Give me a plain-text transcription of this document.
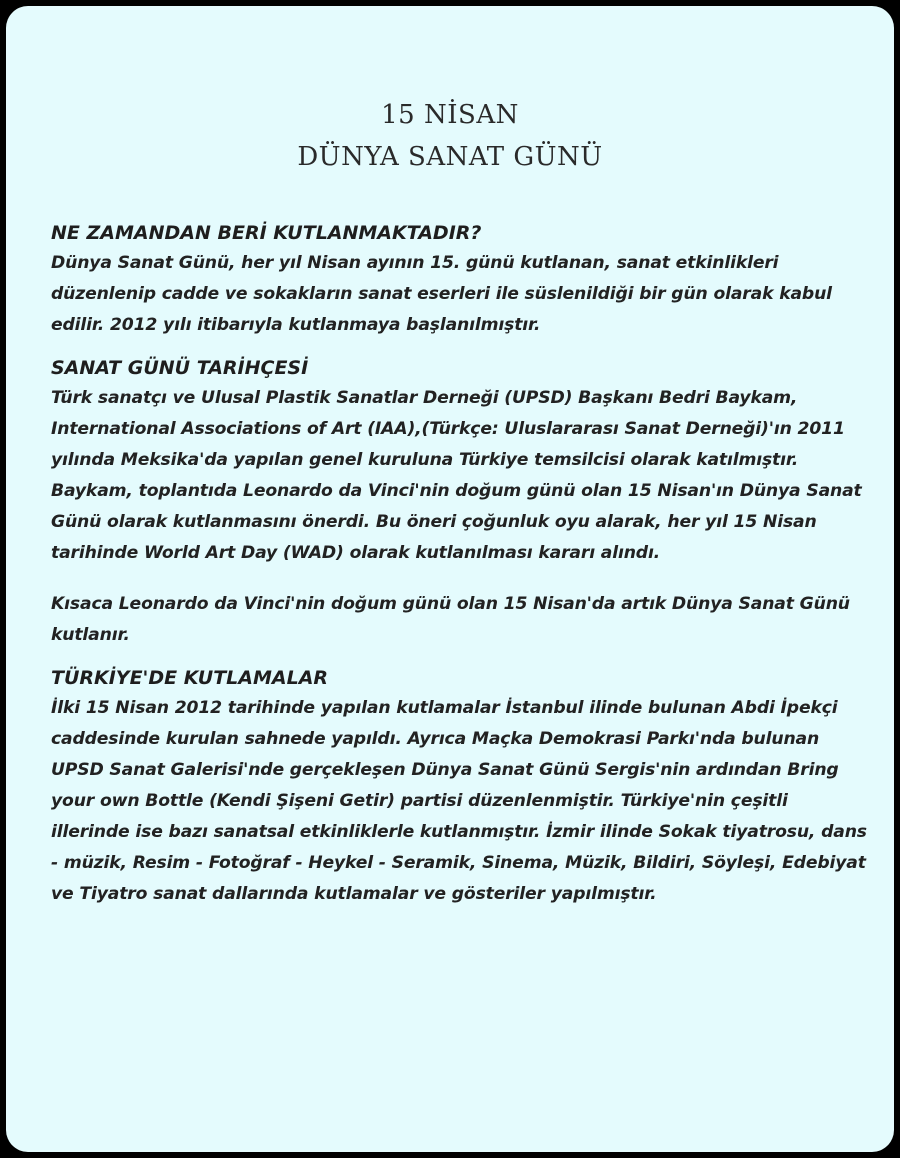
15 NİSAN
DÜNYA SANAT GÜNÜ

NE ZAMANDAN BERİ KUTLANMAKTADIR?

Dünya Sanat Günü, her yıl Nisan ayının 15. günü kutlanan, sanat etkinlikleri düzenlenip cadde ve sokakların sanat eserleri ile süslenildiği bir gün olarak kabul edilir. 2012 yılı itibarıyla kutlanmaya başlanılmıştır.

SANAT GÜNÜ TARİHÇESİ

Türk sanatçı ve Ulusal Plastik Sanatlar Derneği (UPSD) Başkanı Bedri Baykam, International Associations of Art (IAA),(Türkçe: Uluslararası Sanat Derneği)'ın 2011 yılında Meksika'da yapılan genel kuruluna Türkiye temsilcisi olarak katılmıştır. Baykam, toplantıda Leonardo da Vinci'nin doğum günü olan 15 Nisan'ın Dünya Sanat Günü olarak kutlanmasını önerdi. Bu öneri çoğunluk oyu alarak, her yıl 15 Nisan tarihinde World Art Day (WAD) olarak kutlanılması kararı alındı.

Kısaca Leonardo da Vinci'nin doğum günü olan 15 Nisan'da artık Dünya Sanat Günü kutlanır.

TÜRKİYE'DE KUTLAMALAR

İlki 15 Nisan 2012 tarihinde yapılan kutlamalar İstanbul ilinde bulunan Abdi İpekçi caddesinde kurulan sahnede yapıldı. Ayrıca Maçka Demokrasi Parkı'nda bulunan UPSD Sanat Galerisi'nde gerçekleşen Dünya Sanat Günü Sergis'nin ardından Bring your own Bottle (Kendi Şişeni Getir) partisi düzenlenmiştir. Türkiye'nin çeşitli illerinde ise bazı sanatsal etkinliklerle kutlanmıştır. İzmir ilinde Sokak tiyatrosu, dans - müzik, Resim - Fotoğraf - Heykel - Seramik, Sinema, Müzik, Bildiri, Söyleşi, Edebiyat ve Tiyatro sanat dallarında kutlamalar ve gösteriler yapılmıştır.
